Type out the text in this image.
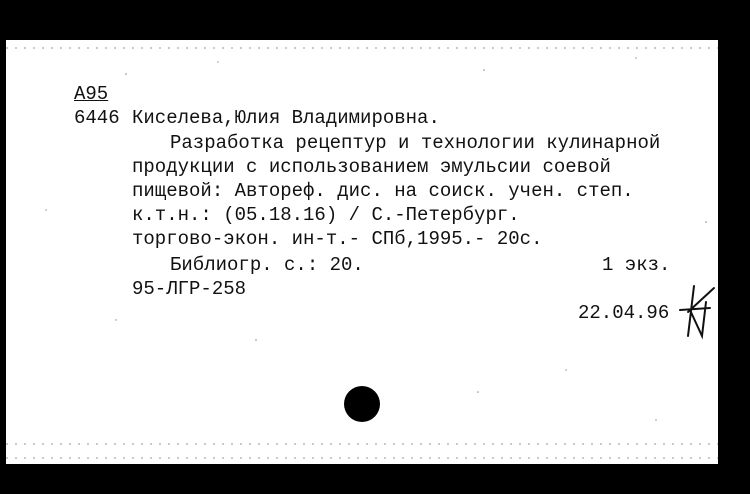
А95
6446 Киселева,Юлия Владимировна.
Разработка рецептур и технологии кулинарной
продукции с использованием эмульсии соевой
пищевой: Автореф. дис. на соиск. учен. степ.
к.т.н.: (05.18.16) / С.-Петербург.
торгово-экон. ин-т.- СПб,1995.- 20с.
Библиогр. с.: 20.	1 экз.
95-ЛГР-258
22.04.96
